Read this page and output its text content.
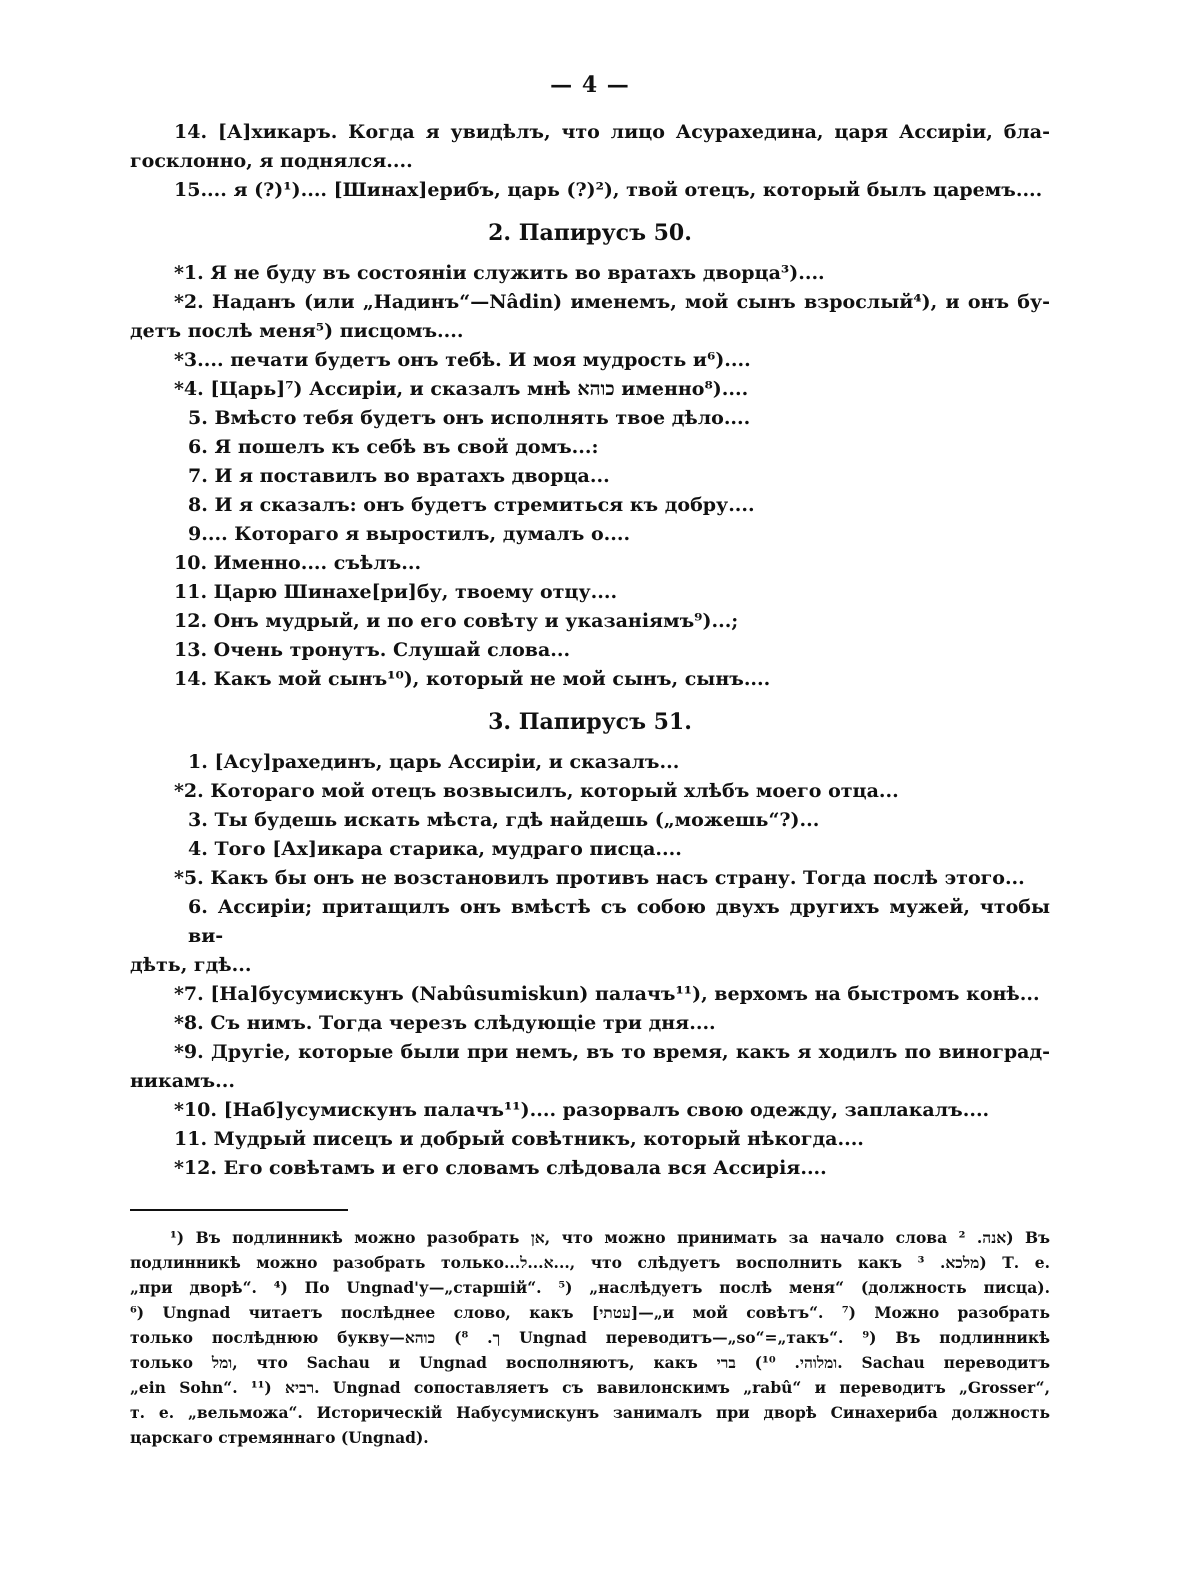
— 4 —
14. [А]хикаръ. Когда я увидѣлъ, что лицо Асурахедина, царя Ассиріи, бла-
госклонно, я поднялся....
15.... я (?)¹).... [Шинах]ерибъ, царь (?)²), твой отецъ, который былъ царемъ....
2. Папирусъ 50.
*1. Я не буду въ состояніи служить во вратахъ дворца³)....
*2. Наданъ (или „Надинъ“—Nâdin) именемъ, мой сынъ взрослый⁴), и онъ бу-
детъ послѣ меня⁵) писцомъ....
*3.... печати будетъ онъ тебѣ. И моя мудрость и⁶)....
*4. [Царь]⁷) Ассиріи, и сказалъ мнѣ כוהא именно⁸)....
5. Вмѣсто тебя будетъ онъ исполнять твое дѣло....
6. Я пошелъ къ себѣ въ свой домъ...:
7. И я поставилъ во вратахъ дворца...
8. И я сказалъ: онъ будетъ стремиться къ добру....
9.... Котораго я выростилъ, думалъ о....
10. Именно.... съѣлъ...
11. Царю Шинахе[ри]бу, твоему отцу....
12. Онъ мудрый, и по его совѣту и указаніямъ⁹)...;
13. Очень тронутъ. Слушай слова...
14. Какъ мой сынъ¹⁰), который не мой сынъ, сынъ....
3. Папирусъ 51.
1. [Асу]рахединъ, царь Ассиріи, и сказалъ...
*2. Котораго мой отецъ возвысилъ, который хлѣбъ моего отца...
3. Ты будешь искать мѣста, гдѣ найдешь („можешь“?)...
4. Того [Ах]икара старика, мудраго писца....
*5. Какъ бы онъ не возстановилъ противъ насъ страну. Тогда послѣ этого...
6. Ассиріи; притащилъ онъ вмѣстѣ съ собою двухъ другихъ мужей, чтобы ви-
дѣть, гдѣ...
*7. [На]бусумискунъ (Nabûsumiskun) палачъ¹¹), верхомъ на быстромъ конѣ...
*8. Съ нимъ. Тогда черезъ слѣдующіе три дня....
*9. Другіе, которые были при немъ, въ то время, какъ я ходилъ по виноград-
никамъ...
*10. [Наб]усумискунъ палачъ¹¹).... разорвалъ свою одежду, заплакалъ....
11. Мудрый писецъ и добрый совѣтникъ, который нѣкогда....
*12. Его совѣтамъ и его словамъ слѣдовала вся Ассирія....
¹) Въ подлинникѣ можно разобрать אן, что можно принимать за начало слова אנה. ²) Въ
подлинникѣ можно разобрать только...א...ל..., что слѣдуетъ восполнить какъ מלכא. ³) Т. е.
„при дворѣ“. ⁴) По Ungnad'у—„старшій“. ⁵) „наслѣдуетъ послѣ меня“ (должность писца).
⁶) Ungnad читаетъ послѣднее слово, какъ [עטתי]—„и мой совѣтъ“. ⁷) Можно разобрать
только послѣднюю букву—ך. ⁸) כוהא Ungnad переводитъ—„so“=„такъ“. ⁹) Въ подлинникѣ
только ומל, что Sachau и Ungnad восполняютъ, какъ ומלוהי. ¹⁰) ברי. Sachau переводитъ
„ein Sohn“. ¹¹) רביא. Ungnad сопоставляетъ съ вавилонскимъ „rabû“ и переводитъ „Grosser“,
т. е. „вельможа“. Историческій Набусумискунъ занималъ при дворѣ Синахериба должность
царскаго стремяннаго (Ungnad).
